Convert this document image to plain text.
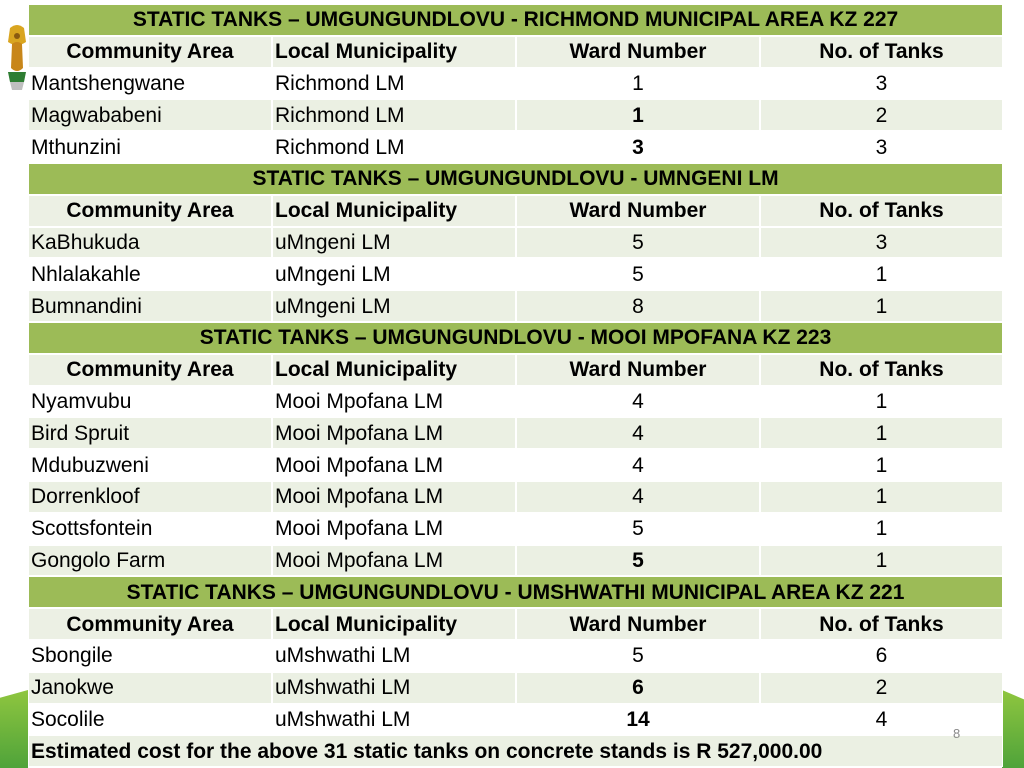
STATIC TANKS – UMGUNGUNDLOVU - RICHMOND MUNICIPAL AREA KZ 227			
Community Area	Local Municipality	Ward Number	No. of Tanks
Mantshengwane	Richmond LM	1	3
Magwababeni	Richmond LM	1	2
Mthunzini	Richmond LM	3	3
STATIC TANKS – UMGUNGUNDLOVU - UMNGENI LM			
Community Area	Local Municipality	Ward Number	No. of Tanks
KaBhukuda	uMngeni LM	5	3
Nhlalakahle	uMngeni LM	5	1
Bumnandini	uMngeni LM	8	1
STATIC TANKS – UMGUNGUNDLOVU - MOOI MPOFANA KZ 223			
Community Area	Local Municipality	Ward Number	No. of Tanks
Nyamvubu	Mooi Mpofana LM	4	1
Bird Spruit	Mooi Mpofana LM	4	1
Mdubuzweni	Mooi Mpofana LM	4	1
Dorrenkloof	Mooi Mpofana LM	4	1
Scottsfontein	Mooi Mpofana LM	5	1
Gongolo Farm	Mooi Mpofana LM	5	1
STATIC TANKS – UMGUNGUNDLOVU - UMSHWATHI MUNICIPAL AREA KZ 221			
Community Area	Local Municipality	Ward Number	No. of Tanks
Sbongile	uMshwathi LM	5	6
Janokwe	uMshwathi LM	6	2
Socolile	uMshwathi LM	14	4
Estimated cost for the above 31 static tanks on concrete stands is R 527,000.00			
8
